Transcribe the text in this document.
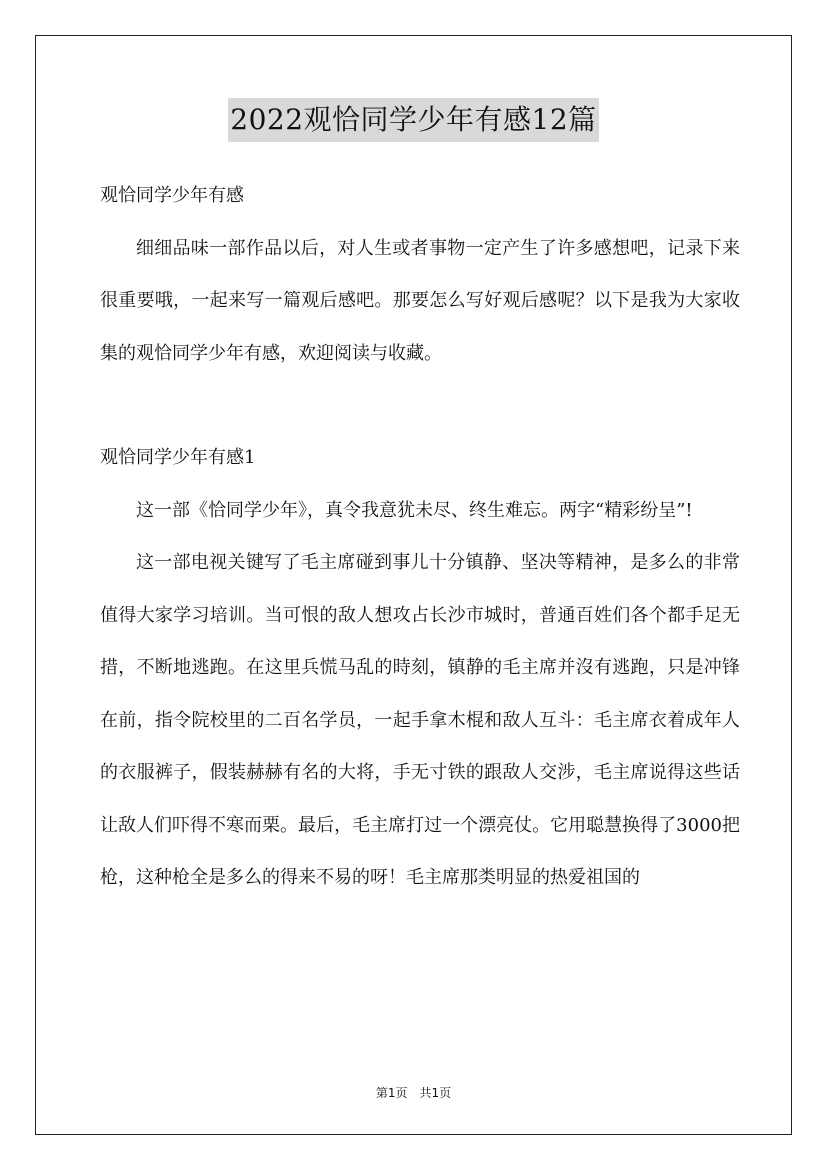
2022观恰同学少年有感12篇

观恰同学少年有感

细细品味一部作品以后，对人生或者事物一定产生了许多感想吧，记录下来很重要哦，一起来写一篇观后感吧。那要怎么写好观后感呢？以下是我为大家收集的观恰同学少年有感，欢迎阅读与收藏。

观恰同学少年有感1

这一部《恰同学少年》，真令我意犹未尽、终生难忘。两字“精彩纷呈”!

这一部电视关键写了毛主席碰到事儿十分镇静、坚决等精神，是多么的非常值得大家学习培训。当可恨的敌人想攻占长沙市城时，普通百姓们各个都手足无措，不断地逃跑。在这里兵慌马乱的時刻，镇静的毛主席并沒有逃跑，只是冲锋在前，指令院校里的二百名学员，一起手拿木棍和敌人互斗：毛主席衣着成年人的衣服裤子，假装赫赫有名的大将，手无寸铁的跟敌人交涉，毛主席说得这些话让敌人们吓得不寒而栗。最后，毛主席打过一个漂亮仗。它用聪慧换得了3000把枪，这种枪全是多么的得来不易的呀！毛主席那类明显的热爱祖国的

第1页 共1页
